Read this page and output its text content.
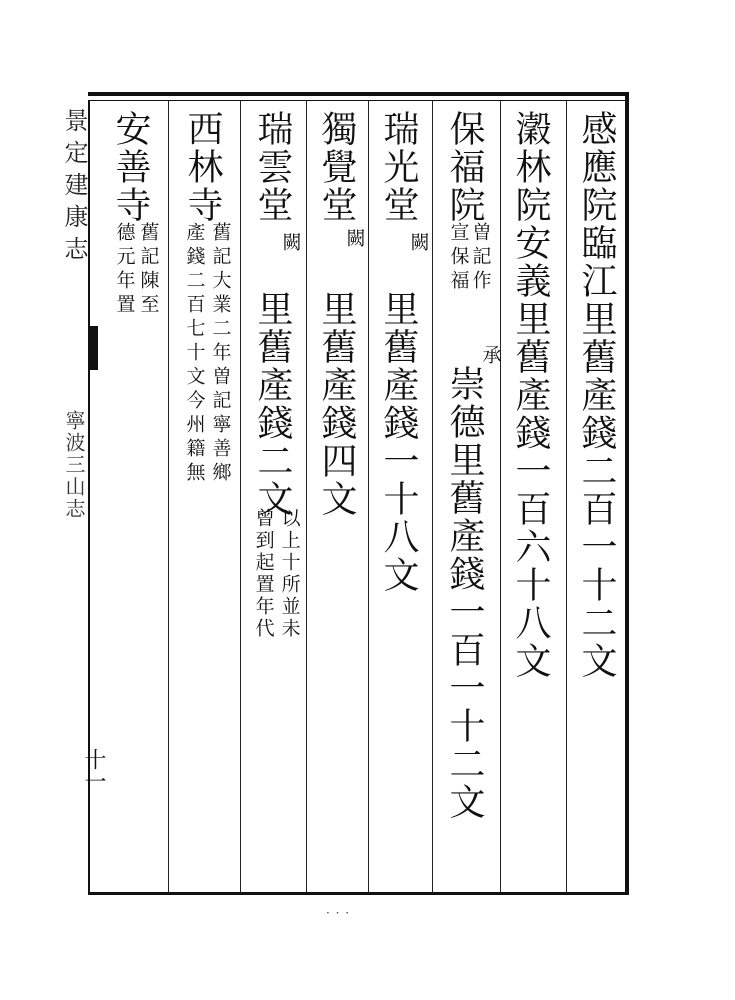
景定建康志
寧波三山志
十一
感應院臨江里舊產錢二百一十二文
瀔林院安義里舊產錢一百六十八文
保福院
曽記作
宣保福
承
崇德里舊產錢一百一十二文
瑞光堂
闕
里舊產錢一十八文
獨覺堂
闕
里舊產錢四文
瑞雲堂
闕
里舊產錢二文
以上十所並未
曾到起置年代
西林寺
舊記大業二年曽記寧善鄉
產錢二百七十文今州籍無
安善寺
舊記陳至
德元年置
· · ·
